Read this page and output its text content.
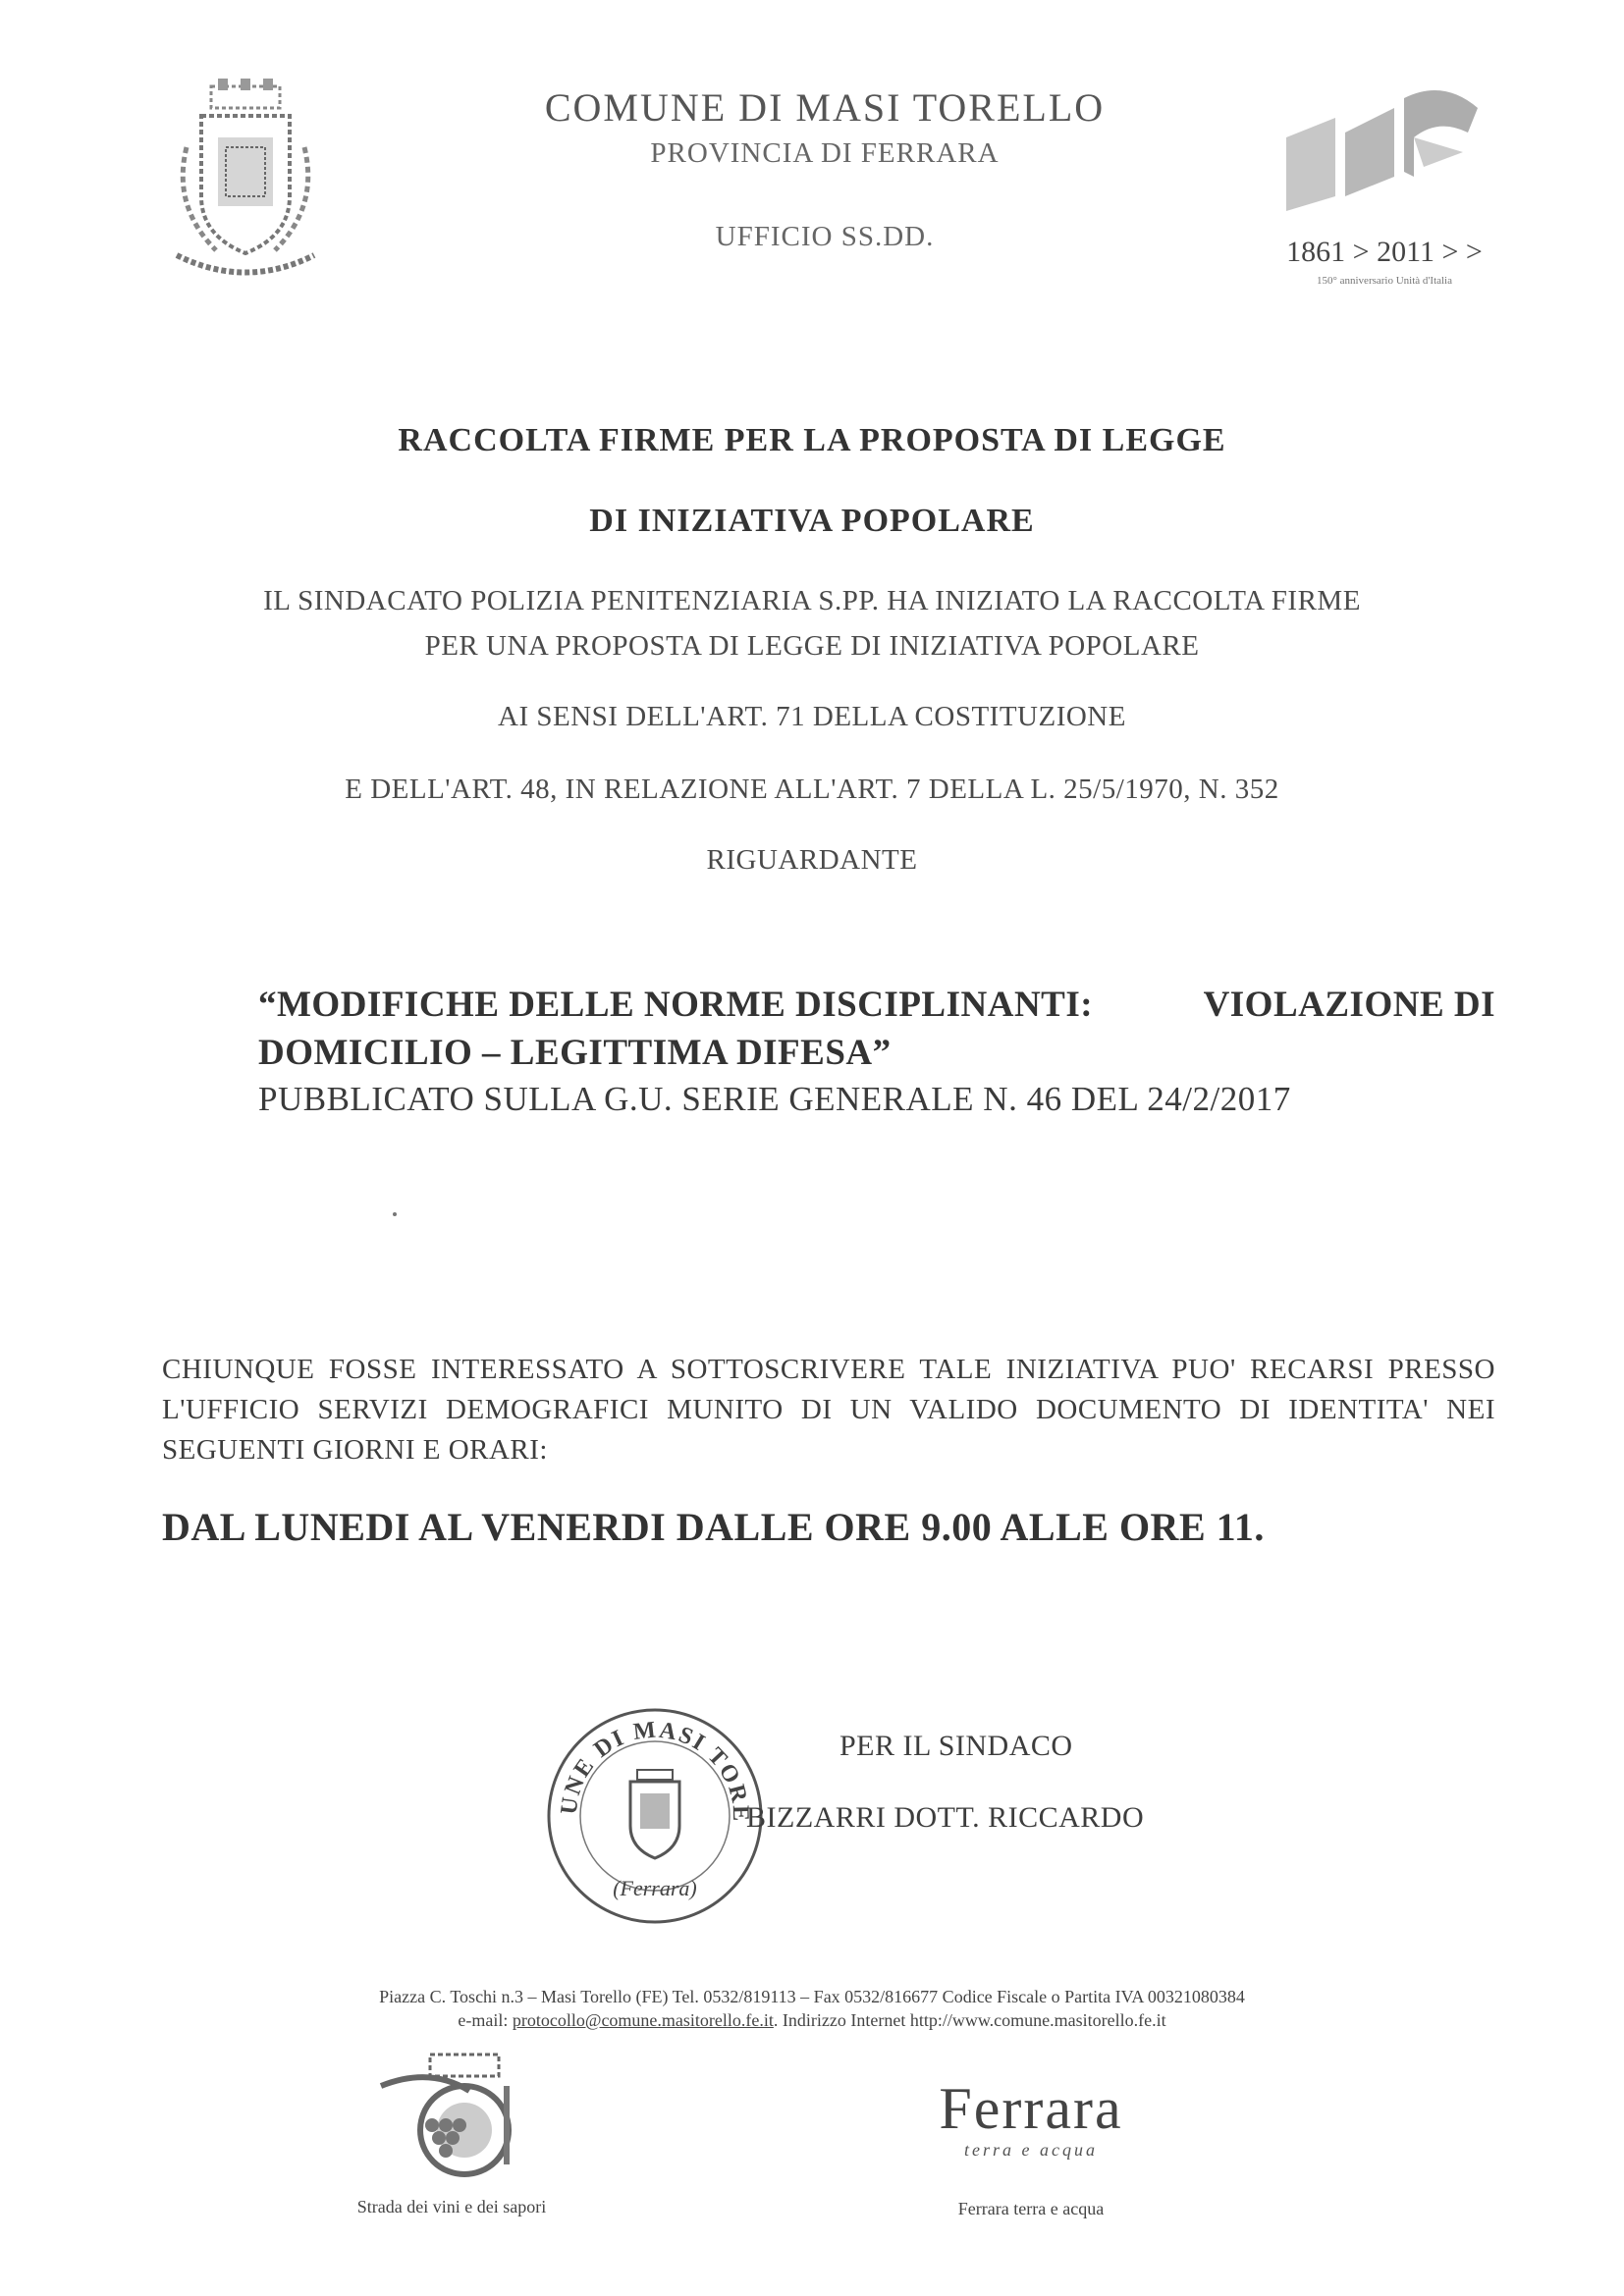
COMUNE DI MASI TORELLO
PROVINCIA DI FERRARA
UFFICIO SS.DD.	1861 > 2011 > >
150° anniversario Unità d'Italia
RACCOLTA FIRME PER LA PROPOSTA DI LEGGE
DI INIZIATIVA POPOLARE
IL SINDACATO POLIZIA PENITENZIARIA S.PP. HA INIZIATO LA RACCOLTA FIRME
PER UNA PROPOSTA DI LEGGE DI INIZIATIVA POPOLARE
AI SENSI DELL'ART. 71 DELLA COSTITUZIONE
E DELL'ART. 48, IN RELAZIONE ALL'ART. 7 DELLA L. 25/5/1970, N. 352
RIGUARDANTE
“MODIFICHE DELLE NORME DISCIPLINANTI:	VIOLAZIONE DI
DOMICILIO – LEGITTIMA DIFESA”
PUBBLICATO SULLA G.U. SERIE GENERALE N. 46 DEL 24/2/2017
CHIUNQUE FOSSE INTERESSATO A SOTTOSCRIVERE TALE INIZIATIVA PUO' RECARSI PRESSO L'UFFICIO SERVIZI DEMOGRAFICI MUNITO DI UN VALIDO DOCUMENTO DI IDENTITA' NEI SEGUENTI GIORNI E ORARI:
DAL LUNEDI AL VENERDI DALLE ORE 9.00 ALLE ORE 11.
UNE DI MASI TORE
(Ferrara)
PER IL SINDACO
BIZZARRI DOTT. RICCARDO
Piazza C. Toschi n.3 – Masi Torello (FE) Tel. 0532/819113 – Fax 0532/816677 Codice Fiscale o Partita IVA 00321080384
e-mail: protocollo@comune.masitorello.fe.it. Indirizzo Internet http://www.comune.masitorello.fe.it
Strada dei vini e dei sapori
Ferrara
terra e acqua
Ferrara terra e acqua
